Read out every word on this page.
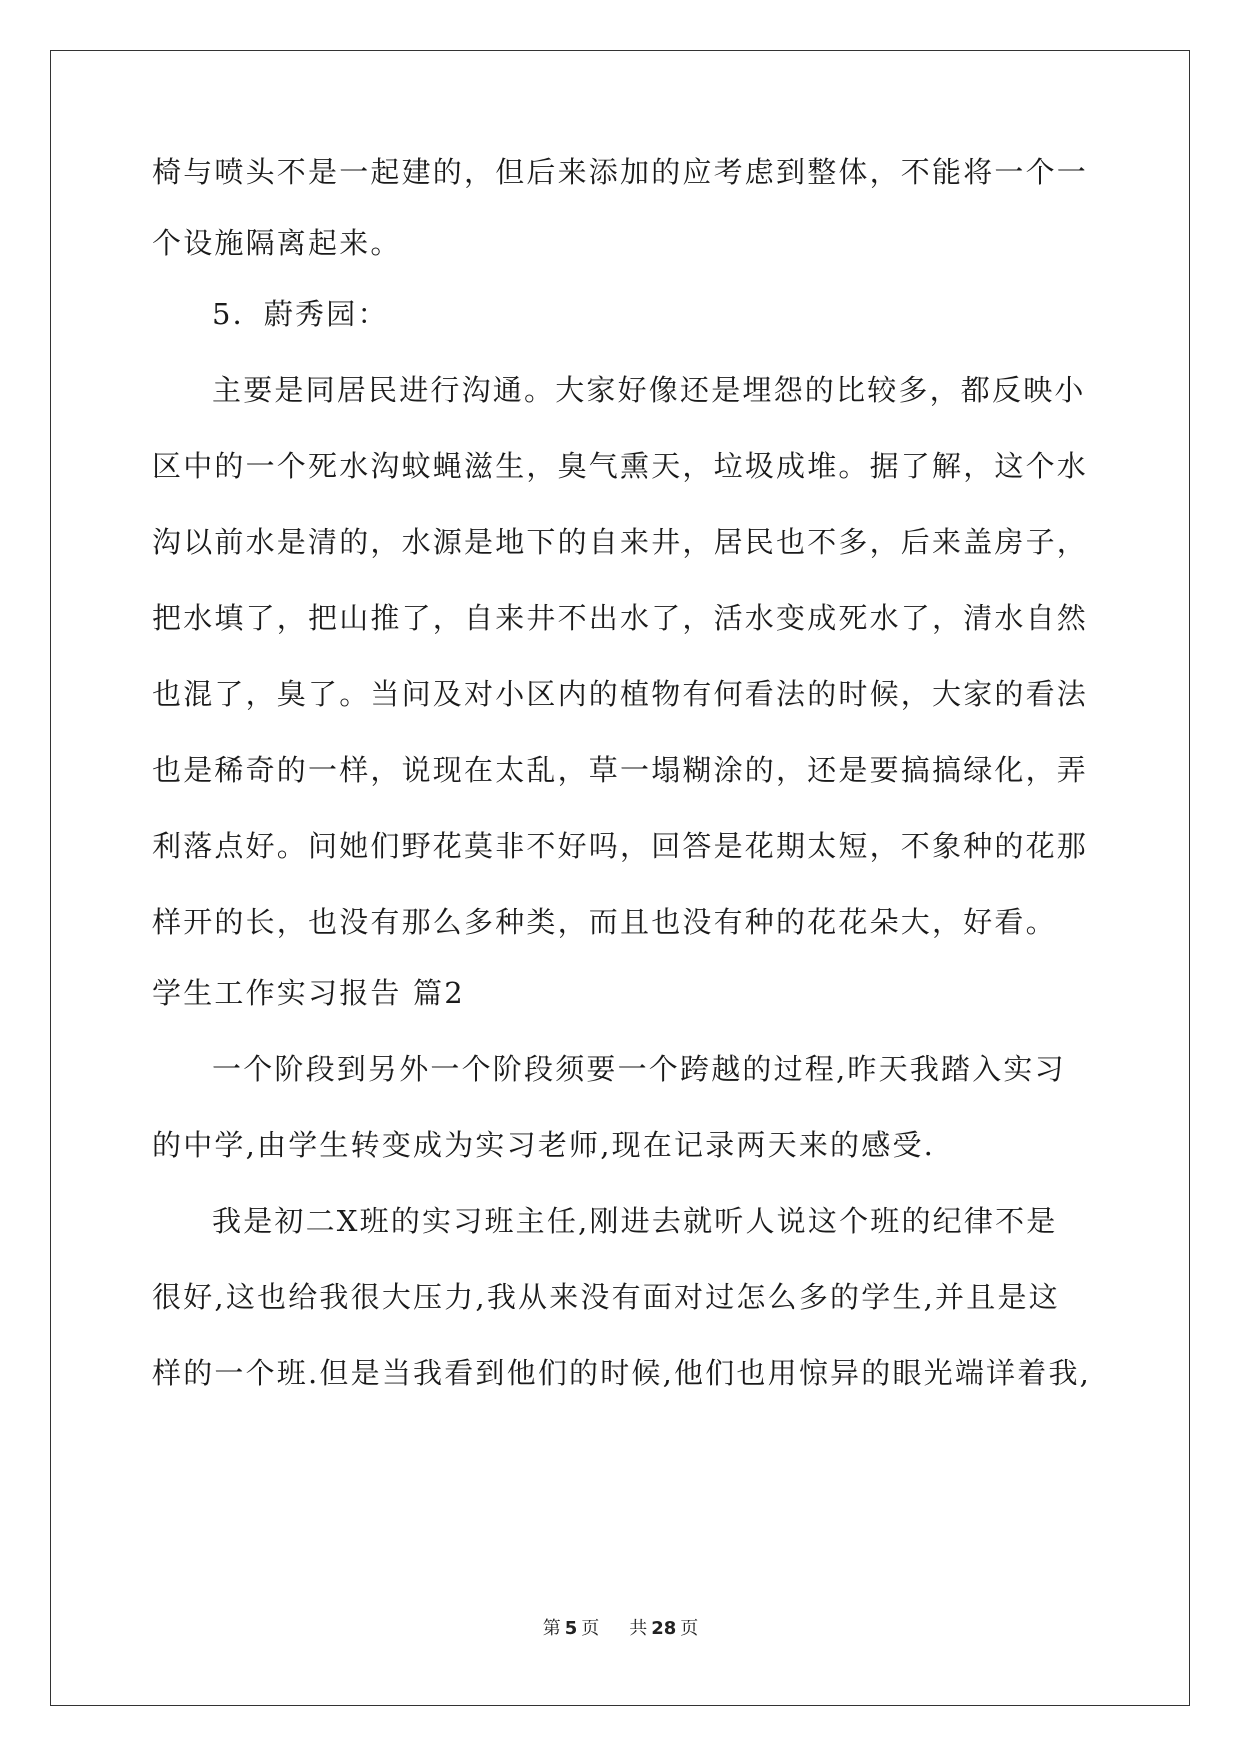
椅与喷头不是一起建的，但后来添加的应考虑到整体，不能将一个一
个设施隔离起来。
5．蔚秀园：
主要是同居民进行沟通。大家好像还是埋怨的比较多，都反映小
区中的一个死水沟蚊蝇滋生，臭气熏天，垃圾成堆。据了解，这个水
沟以前水是清的，水源是地下的自来井，居民也不多，后来盖房子，
把水填了，把山推了，自来井不出水了，活水变成死水了，清水自然
也混了，臭了。当问及对小区内的植物有何看法的时候，大家的看法
也是稀奇的一样，说现在太乱，草一塌糊涂的，还是要搞搞绿化，弄
利落点好。问她们野花莫非不好吗，回答是花期太短，不象种的花那
样开的长，也没有那么多种类，而且也没有种的花花朵大，好看。
学生工作实习报告 篇2
一个阶段到另外一个阶段须要一个跨越的过程,昨天我踏入实习
的中学,由学生转变成为实习老师,现在记录两天来的感受.
我是初二X班的实习班主任,刚进去就听人说这个班的纪律不是
很好,这也给我很大压力,我从来没有面对过怎么多的学生,并且是这
样的一个班.但是当我看到他们的时候,他们也用惊异的眼光端详着我,
第 5 页 共 28 页
